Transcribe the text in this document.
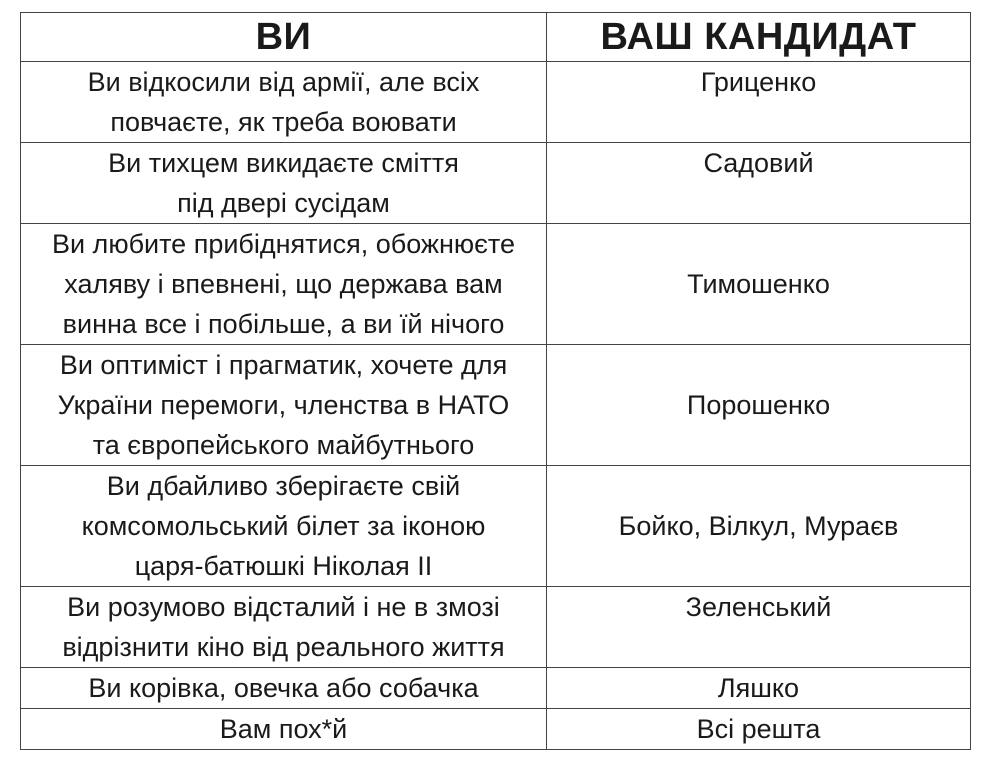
ВИ	ВАШ КАНДИДАТ

Ви відкосили від армії, але всіх
повчаєте, як треба воювати	Гриценко

Ви тихцем викидаєте сміття
під двері сусідам	Садовий

Ви любите прибіднятися, обожнюєте
халяву і впевнені, що держава вам
винна все і побільше, а ви їй нічого	Тимошенко

Ви оптиміст і прагматик, хочете для
України перемоги, членства в НАТО
та європейського майбутнього	Порошенко

Ви дбайливо зберігаєте свій
комсомольський білет за іконою
царя-батюшкі Ніколая ІІ	Бойко, Вілкул, Мураєв

Ви розумово відсталий і не в змозі
відрізнити кіно від реального життя	Зеленський

Ви корівка, овечка або собачка	Ляшко

Вам пох*й	Всі решта
